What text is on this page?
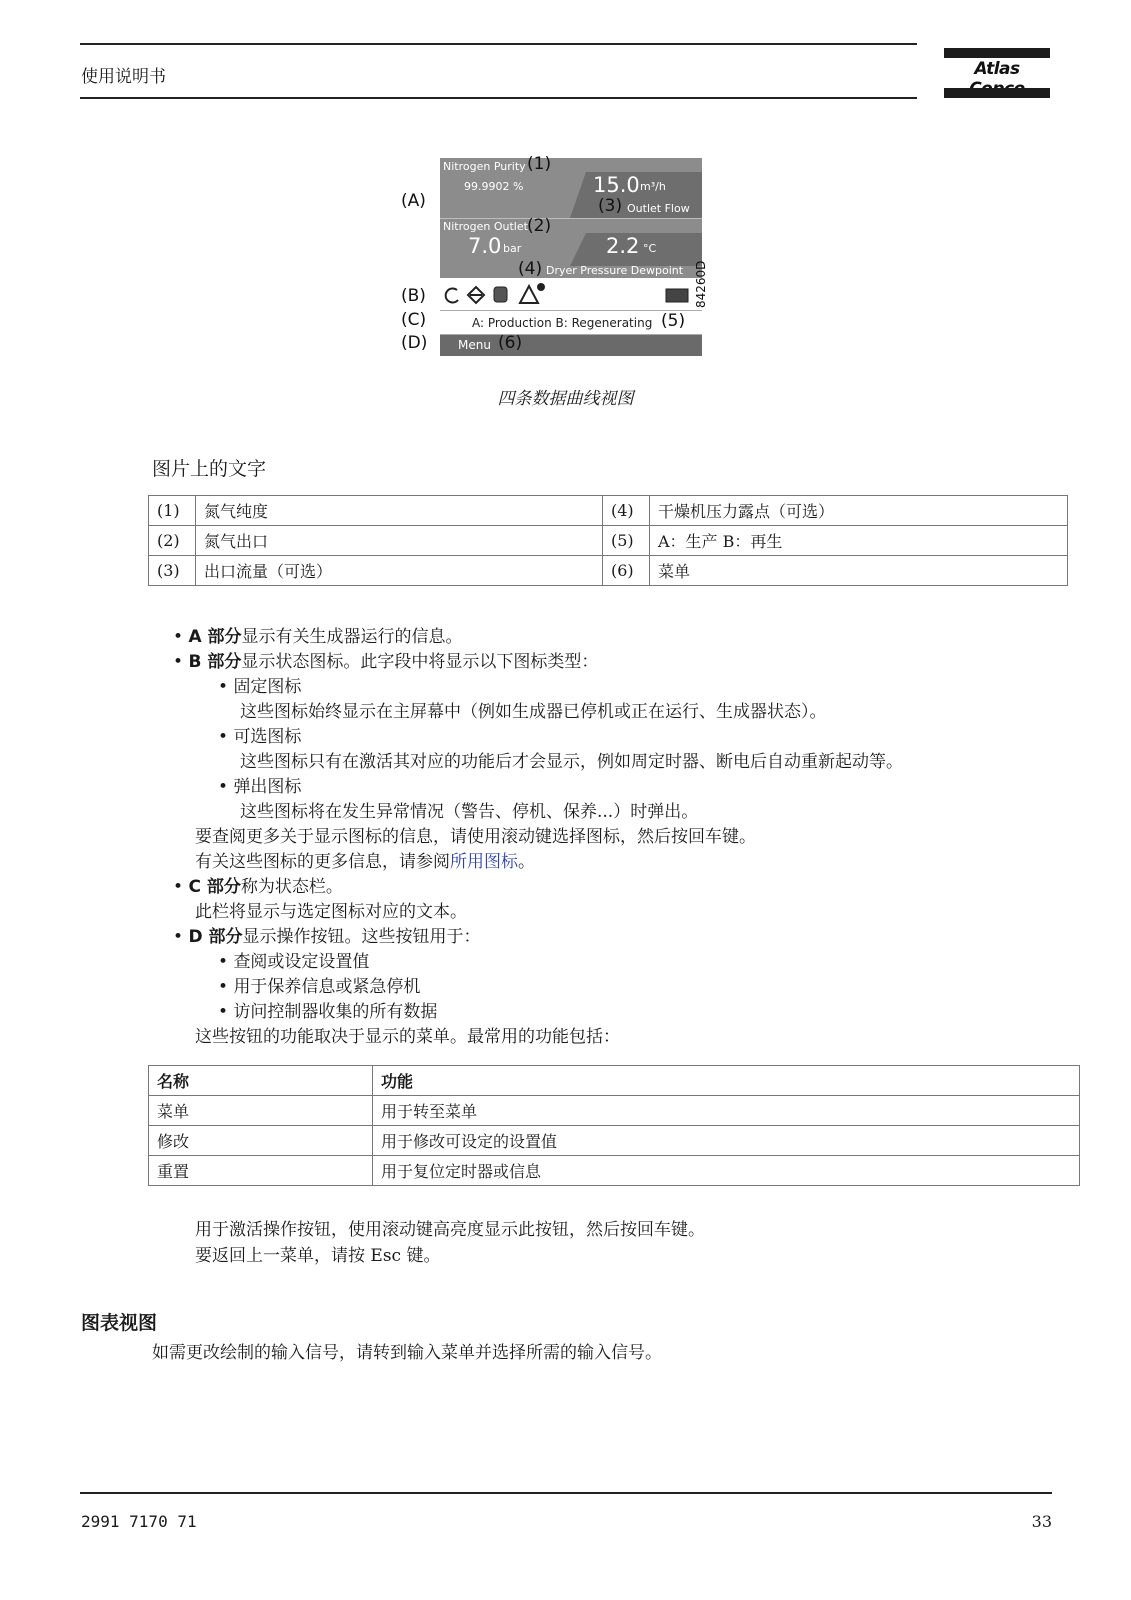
使用说明书	Atlas
(A)
(B)
(C)
(D)
Nitrogen Purity (1)
99.9902 %	15.0 m³/h
(3) Outlet Flow
Nitrogen Outlet (2)
7.0 bar	2.2 °C
(4) Dryer Pressure Dewpoint
A: Production B: Regenerating (5)
Menu (6)
84260D
四条数据曲线视图
图片上的文字
(1)	氮气纯度	(4)	干燥机压力露点（可选）
(2)	氮气出口	(5)	A：生产 B：再生
(3)	出口流量（可选）	(6)	菜单
• A 部分显示有关生成器运行的信息。
• B 部分显示状态图标。此字段中将显示以下图标类型：
• 固定图标
这些图标始终显示在主屏幕中（例如生成器已停机或正在运行、生成器状态）。
• 可选图标
这些图标只有在激活其对应的功能后才会显示，例如周定时器、断电后自动重新起动等。
• 弹出图标
这些图标将在发生异常情况（警告、停机、保养...）时弹出。
要查阅更多关于显示图标的信息，请使用滚动键选择图标，然后按回车键。
有关这些图标的更多信息，请参阅所用图标。
• C 部分称为状态栏。
此栏将显示与选定图标对应的文本。
• D 部分显示操作按钮。这些按钮用于：
• 查阅或设定设置值
• 用于保养信息或紧急停机
• 访问控制器收集的所有数据
这些按钮的功能取决于显示的菜单。最常用的功能包括：
名称	功能
菜单	用于转至菜单
修改	用于修改可设定的设置值
重置	用于复位定时器或信息
用于激活操作按钮，使用滚动键高亮度显示此按钮，然后按回车键。
要返回上一菜单，请按 Esc 键。
图表视图
如需更改绘制的输入信号，请转到输入菜单并选择所需的输入信号。
2991 7170 71	33
